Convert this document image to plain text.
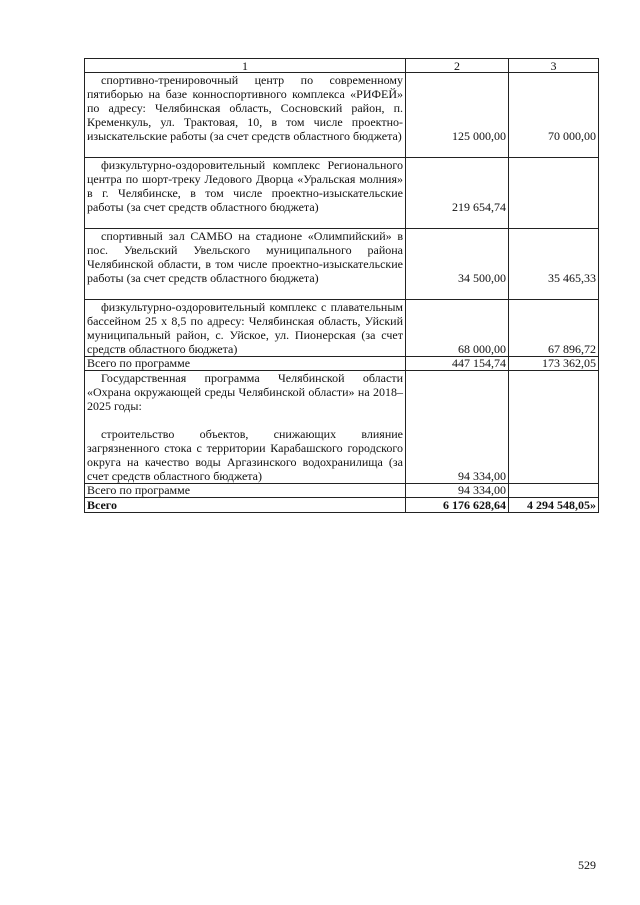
1	2	3

спортивно-тренировочный центр по современному пятиборью на базе конноспортивного комплекса «РИФЕЙ» по адресу: Челябинская область, Сосновский район, п. Кременкуль, ул. Трактовая, 10, в том числе проектно-изыскательские работы (за счет средств областного бюджета)	125 000,00	70 000,00

физкультурно-оздоровительный комплекс Регионального центра по шорт-треку Ледового Дворца «Уральская молния» в г. Челябинске, в том числе проектно-изыскательские работы (за счет средств областного бюджета)	219 654,74

спортивный зал САМБО на стадионе «Олимпийский» в пос. Увельский Увельского муниципального района Челябинской области, в том числе проектно-изыскательские работы (за счет средств областного бюджета)	34 500,00	35 465,33

физкультурно-оздоровительный комплекс с плавательным бассейном 25 x 8,5 по адресу: Челябинская область, Уйский муниципальный район, с. Уйское, ул. Пионерская (за счет средств областного бюджета)	68 000,00	67 896,72
Всего по программе	447 154,74	173 362,05

Государственная программа Челябинской области «Охрана окружающей среды Челябинской области» на 2018–2025 годы:
строительство объектов, снижающих влияние загрязненного стока с территории Карабашского городского округа на качество воды Аргазинского водохранилища (за счет средств областного бюджета)	94 334,00	
Всего по программе	94 334,00	
Всего	6 176 628,64	4 294 548,05»
529
